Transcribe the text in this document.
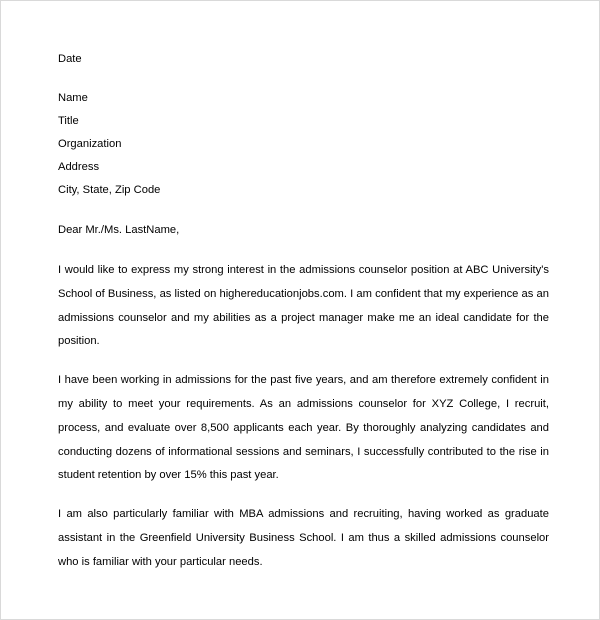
Date
Name
Title
Organization
Address
City, State, Zip Code
Dear Mr./Ms. LastName,

I would like to express my strong interest in the admissions counselor position at ABC University's School of Business, as listed on highereducationjobs.com. I am confident that my experience as an admissions counselor and my abilities as a project manager make me an ideal candidate for the position.

I have been working in admissions for the past five years, and am therefore extremely confident in my ability to meet your requirements. As an admissions counselor for XYZ College, I recruit, process, and evaluate over 8,500 applicants each year. By thoroughly analyzing candidates and conducting dozens of informational sessions and seminars, I successfully contributed to the rise in student retention by over 15% this past year.

I am also particularly familiar with MBA admissions and recruiting, having worked as graduate assistant in the Greenfield University Business School. I am thus a skilled admissions counselor who is familiar with your particular needs.
